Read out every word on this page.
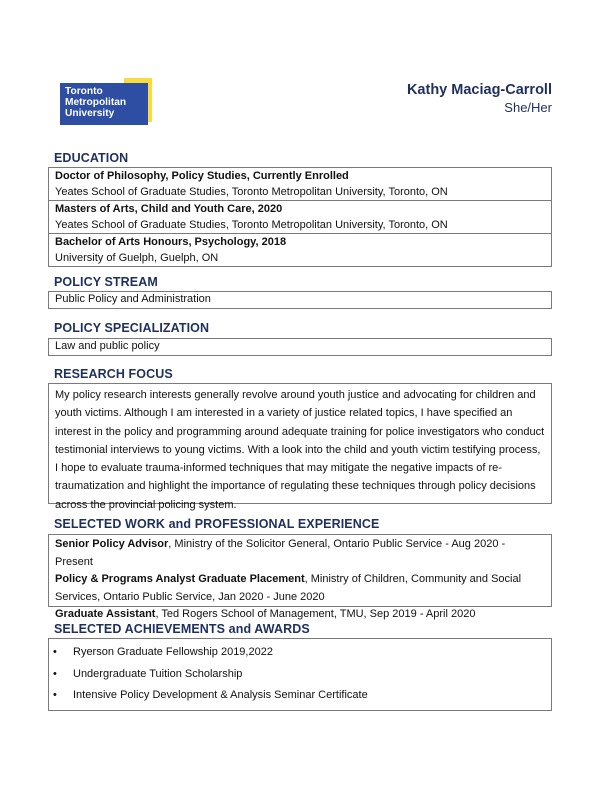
Toronto
Metropolitan
University
Kathy Maciag-Carroll
She/Her
EDUCATION
Doctor of Philosophy, Policy Studies, Currently Enrolled
Yeates School of Graduate Studies, Toronto Metropolitan University, Toronto, ON
Masters of Arts, Child and Youth Care, 2020
Yeates School of Graduate Studies, Toronto Metropolitan University, Toronto, ON
Bachelor of Arts Honours, Psychology, 2018
University of Guelph, Guelph, ON
POLICY STREAM
Public Policy and Administration
POLICY SPECIALIZATION
Law and public policy
RESEARCH FOCUS
My policy research interests generally revolve around youth justice and advocating for children and youth victims. Although I am interested in a variety of justice related topics, I have specified an interest in the policy and programming around adequate training for police investigators who conduct testimonial interviews to young victims. With a look into the child and youth victim testifying process, I hope to evaluate trauma-informed techniques that may mitigate the negative impacts of re-traumatization and highlight the importance of regulating these techniques through policy decisions across the provincial policing system.
SELECTED WORK and PROFESSIONAL EXPERIENCE
Senior Policy Advisor, Ministry of the Solicitor General, Ontario Public Service - Aug 2020 - Present
Policy & Programs Analyst Graduate Placement, Ministry of Children, Community and Social Services, Ontario Public Service, Jan 2020 - June 2020
Graduate Assistant, Ted Rogers School of Management, TMU, Sep 2019 - April 2020
SELECTED ACHIEVEMENTS and AWARDS
• Ryerson Graduate Fellowship 2019,2022
• Undergraduate Tuition Scholarship
• Intensive Policy Development & Analysis Seminar Certificate
